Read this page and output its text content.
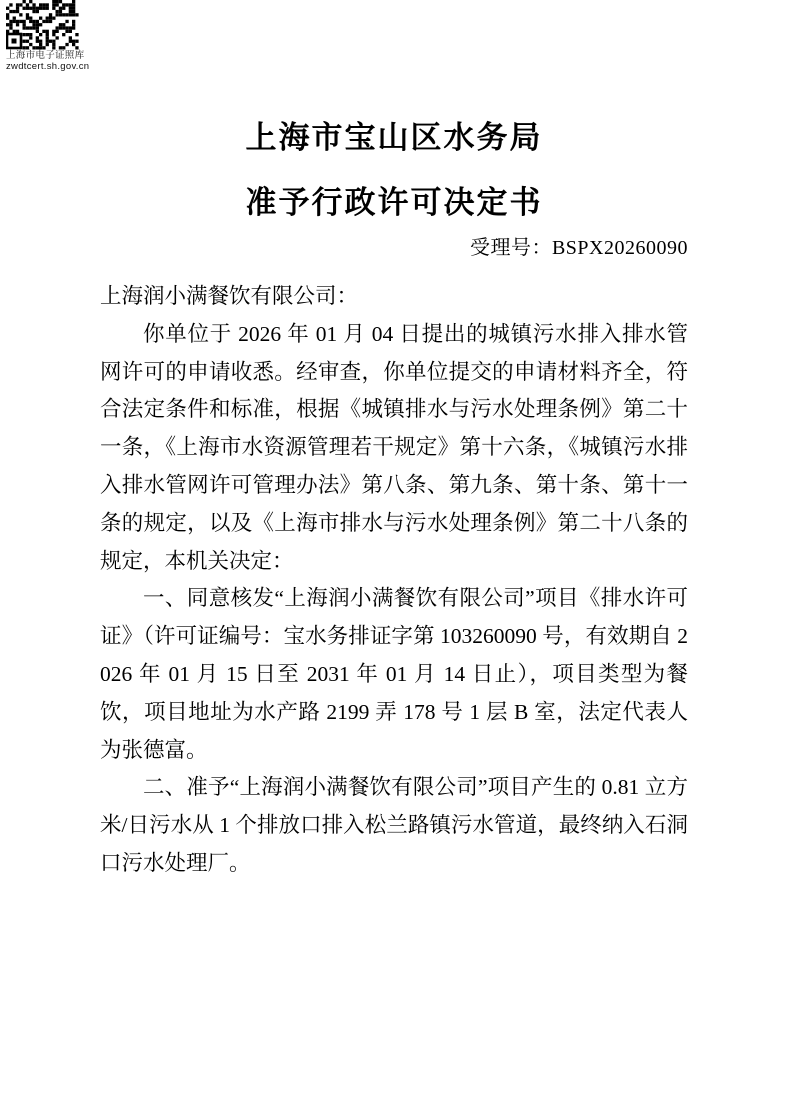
上海市电子证照库
zwdtcert.sh.gov.cn
上海市宝山区水务局
准予行政许可决定书
受理号：BSPX20260090

上海润小满餐饮有限公司：

你单位于 2026 年 01 月 04 日提出的城镇污水排入排水管网许可的申请收悉。经审查，你单位提交的申请材料齐全，符合法定条件和标准，根据《城镇排水与污水处理条例》第二十一条，《上海市水资源管理若干规定》第十六条，《城镇污水排入排水管网许可管理办法》第八条、第九条、第十条、第十一条的规定，以及《上海市排水与污水处理条例》第二十八条的规定，本机关决定：

一、同意核发“上海润小满餐饮有限公司”项目《排水许可证》（许可证编号：宝水务排证字第 103260090 号，有效期自 2026 年 01 月 15 日至 2031 年 01 月 14 日止），项目类型为餐饮，项目地址为水产路 2199 弄 178 号 1 层 B 室，法定代表人为张德富。

二、准予“上海润小满餐饮有限公司”项目产生的 0.81 立方米/日污水从 1 个排放口排入松兰路镇污水管道，最终纳入石洞口污水处理厂。
